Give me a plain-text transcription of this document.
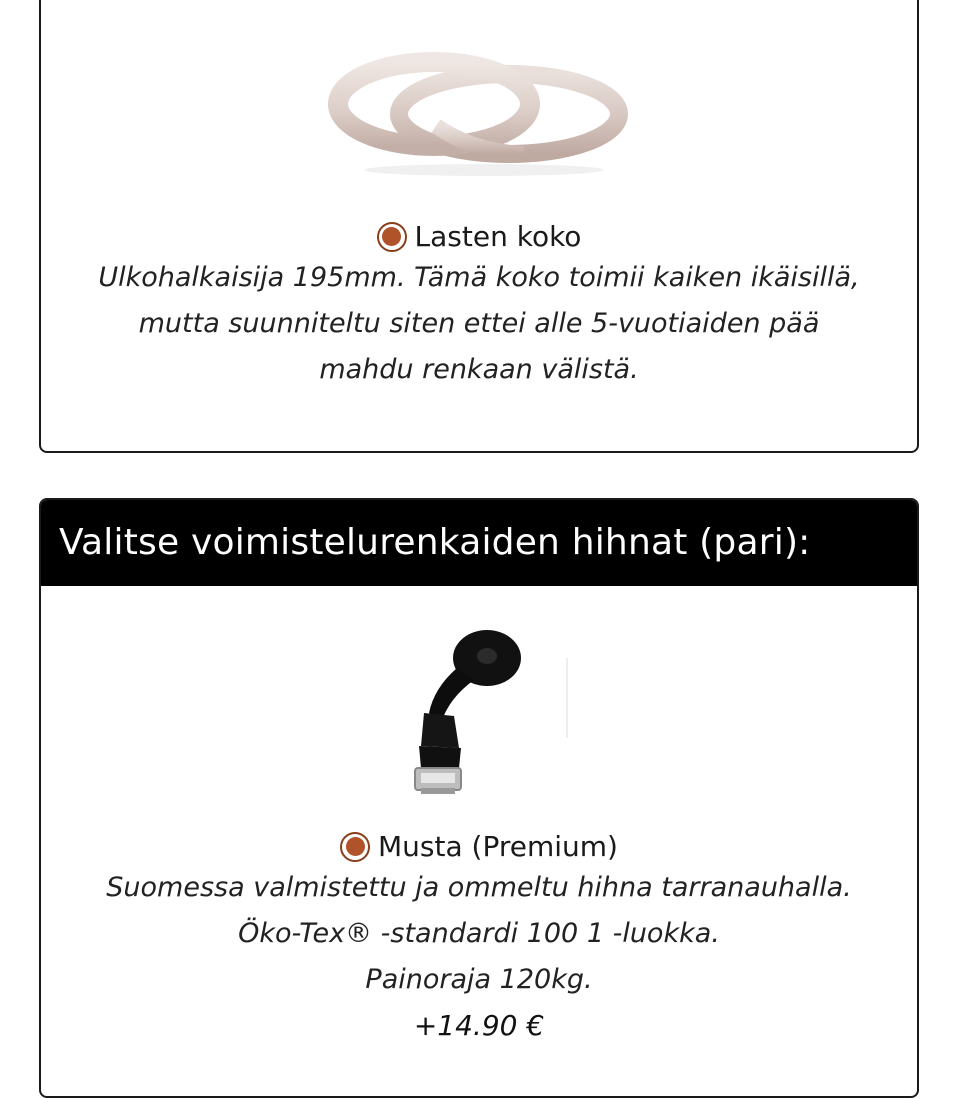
Lasten koko

Ulkohalkaisija 195mm. Tämä koko toimii kaiken ikäisillä,

mutta suunniteltu siten ettei alle 5-vuotiaiden pää

mahdu renkaan välistä.

Valitse voimistelurenkaiden hihnat (pari):
Musta (Premium)

Suomessa valmistettu ja ommeltu hihna tarranauhalla.

Öko-Tex® -standardi 100 1 -luokka.

Painoraja 120kg.

+14.90 €
